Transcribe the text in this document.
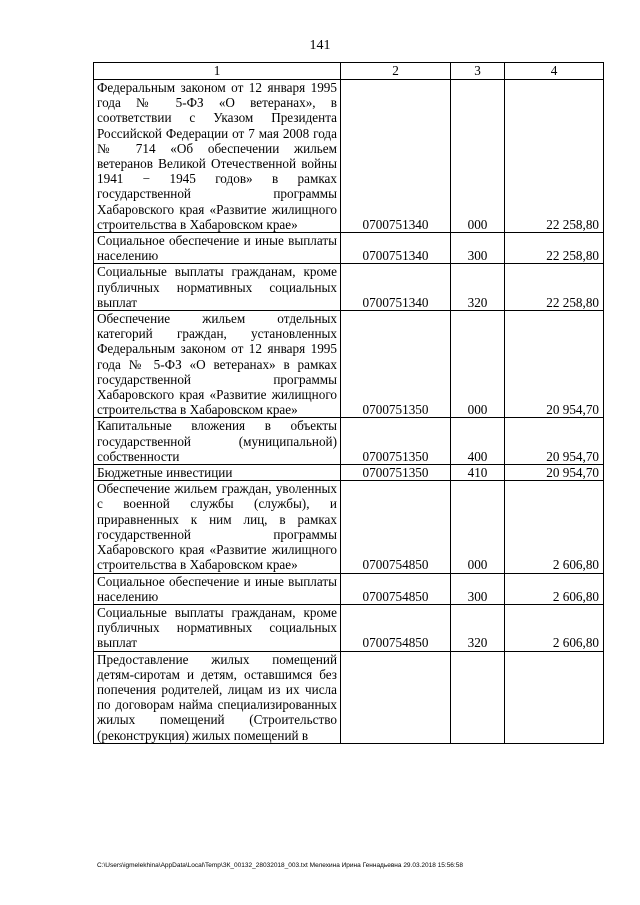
141
1	2	3	4
Федеральным законом от 12 января 1995 года № 5-ФЗ «О ветеранах», в соответствии с Указом Президента Российской Федерации от 7 мая 2008 года № 714 «Об обеспечении жильем ветеранов Великой Отечественной войны 1941 − 1945 годов» в рамках государственной программы Хабаровского края «Развитие жилищного строительства в Хабаровском крае»	0700751340	000	22 258,80
Социальное обеспечение и иные выплаты населению	0700751340	300	22 258,80
Социальные выплаты гражданам, кроме публичных нормативных социальных выплат	0700751340	320	22 258,80
Обеспечение жильем отдельных категорий граждан, установленных Федеральным законом от 12 января 1995 года № 5-ФЗ «О ветеранах» в рамках государственной программы Хабаровского края «Развитие жилищного строительства в Хабаровском крае»	0700751350	000	20 954,70
Капитальные вложения в объекты государственной (муниципальной) собственности	0700751350	400	20 954,70
Бюджетные инвестиции	0700751350	410	20 954,70
Обеспечение жильем граждан, уволенных с военной службы (службы), и приравненных к ним лиц, в рамках государственной программы Хабаровского края «Развитие жилищного строительства в Хабаровском крае»	0700754850	000	2 606,80
Социальное обеспечение и иные выплаты населению	0700754850	300	2 606,80
Социальные выплаты гражданам, кроме публичных нормативных социальных выплат	0700754850	320	2 606,80
Предоставление жилых помещений детям-сиротам и детям, оставшимся без попечения родителей, лицам из их числа по договорам найма специализированных жилых помещений (Строительство (реконструкция) жилых помещений в			
C:\Users\igmelekhina\AppData\Local\Temp\ЗК_00132_28032018_003.txt Мелехина Ирина Геннадьевна 29.03.2018 15:56:58
